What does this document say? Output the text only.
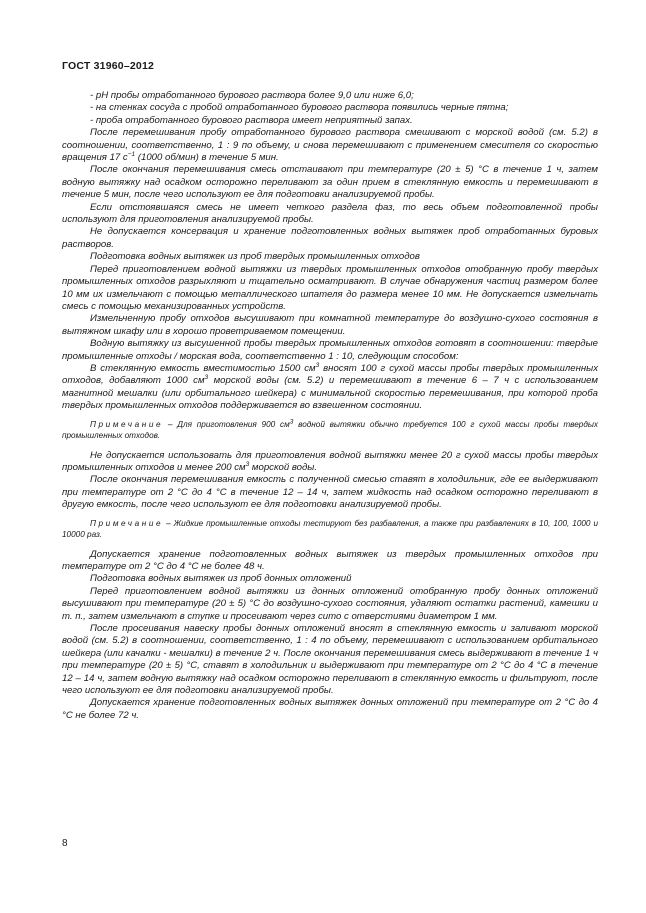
ГОСТ 31960–2012

- рН пробы отработанного бурового раствора более 9,0 или ниже 6,0;

- на стенках сосуда с пробой отработанного бурового раствора появились черные пятна;

- проба отработанного бурового раствора имеет неприятный запах.

После перемешивания пробу отработанного бурового раствора смешивают с морской водой (см. 5.2) в соотношении, соответственно, 1 : 9 по объему, и снова перемешивают с применением смесителя со скоростью вращения 17 $с^{-1}$ (1000 об/мин) в течение 5 мин.

После окончания перемешивания смесь отстаивают при температуре (20 ± 5) °С в течение 1 ч, затем водную вытяжку над осадком осторожно переливают за один прием в стеклянную емкость и перемешивают в течение 5 мин, после чего используют ее для подготовки анализируемой пробы.

Если отстоявшаяся смесь не имеет четкого раздела фаз, то весь объем подготовленной пробы используют для приготовления анализируемой пробы.

Не допускается консервация и хранение подготовленных водных вытяжек проб отработанных буровых растворов.

Подготовка водных вытяжек из проб твердых промышленных отходов

Перед приготовлением водной вытяжки из твердых промышленных отходов отобранную пробу твердых промышленных отходов разрыхляют и тщательно осматривают. В случае обнаружения частиц размером более 10 мм их измельчают с помощью металлического шпателя до размера менее 10 мм. Не допускается измельчать смесь с помощью механизированных устройств.

Измельченную пробу отходов высушивают при комнатной температуре до воздушно-сухого состояния в вытяжном шкафу или в хорошо проветриваемом помещении.

Водную вытяжку из высушенной пробы твердых промышленных отходов готовят в соотношении: твердые промышленные отходы / морская вода, соответственно 1 : 10, следующим способом:

В стеклянную емкость вместимостью 1500 $см^3$ вносят 100 г сухой массы пробы твердых промышленных отходов, добавляют 1000 $см^3$ морской воды (см. 5.2) и перемешивают в течение 6 – 7 ч с использованием магнитной мешалки (или орбитального шейкера) с минимальной скоростью перемешивания, при которой проба твердых промышленных отходов поддерживается во взвешенном состоянии.

Примечание – Для приготовления 900 $см^3$ водной вытяжки обычно требуется 100 г сухой массы пробы твердых промышленных отходов.

Не допускается использовать для приготовления водной вытяжки менее 20 г сухой массы пробы твердых промышленных отходов и менее 200 $см^3$ морской воды.

После окончания перемешивания емкость с полученной смесью ставят в холодильник, где ее выдерживают при температуре от 2 °С до 4 °С в течение 12 – 14 ч, затем жидкость над осадком осторожно переливают в другую емкость, после чего используют ее для подготовки анализируемой пробы.

Примечание – Жидкие промышленные отходы тестируют без разбавления, а также при разбавлениях в 10, 100, 1000 и 10000 раз.

Допускается хранение подготовленных водных вытяжек из твердых промышленных отходов при температуре от 2 °С до 4 °С не более 48 ч.

Подготовка водных вытяжек из проб донных отложений

Перед приготовлением водной вытяжки из донных отложений отобранную пробу донных отложений высушивают при температуре (20 ± 5) °С до воздушно-сухого состояния, удаляют остатки растений, камешки и т. п., затем измельчают в ступке и просеивают через сито с отверстиями диаметром 1 мм.

После просеивания навеску пробы донных отложений вносят в стеклянную емкость и заливают морской водой (см. 5.2) в соотношении, соответственно, 1 : 4 по объему, перемешивают с использованием орбитального шейкера (или качалки - мешалки) в течение 2 ч. После окончания перемешивания смесь выдерживают в течение 1 ч при температуре (20 ± 5) °С, ставят в холодильник и выдерживают при температуре от 2 °С до 4 °С в течение 12 – 14 ч, затем водную вытяжку над осадком осторожно переливают в стеклянную емкость и фильтруют, после чего используют ее для подготовки анализируемой пробы.

Допускается хранение подготовленных водных вытяжек донных отложений при температуре от 2 °С до 4 °С не более 72 ч.

8
